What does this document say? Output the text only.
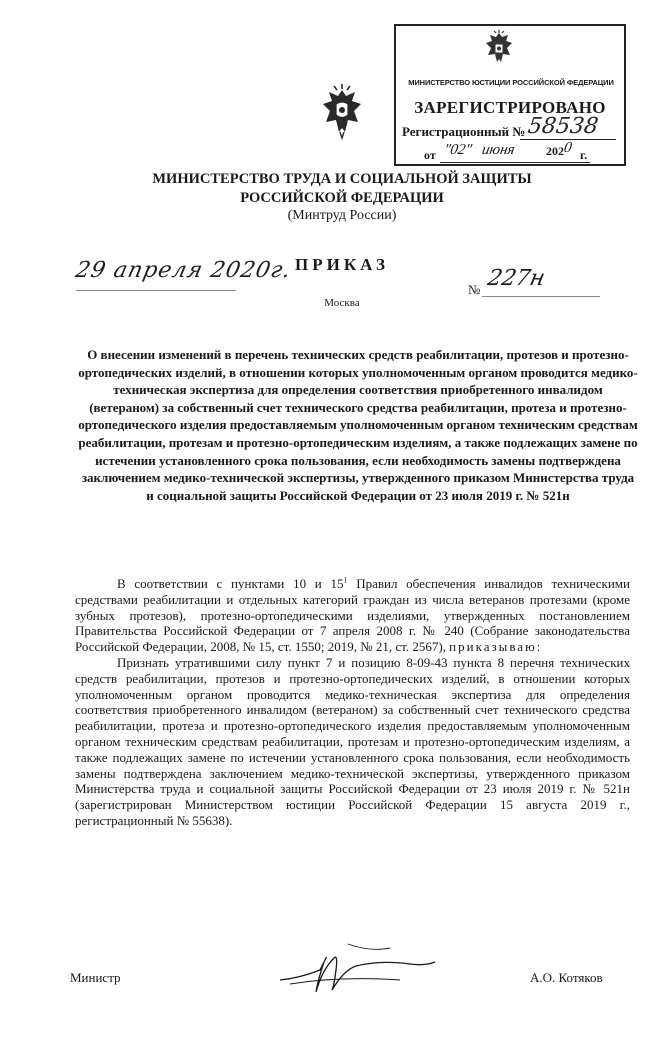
МИНИСТЕРСТВО ЮСТИЦИИ РОССИЙСКОЙ ФЕДЕРАЦИИ
ЗАРЕГИСТРИРОВАНО
Регистрационный № 58538
от "02" июня	202
0 г.
МИНИСТЕРСТВО ТРУДА И СОЦИАЛЬНОЙ ЗАЩИТЫ
РОССИЙСКОЙ ФЕДЕРАЦИИ
(Минтруд России)
ПРИКАЗ
29 апреля 2020г.
Москва
№ 227н
О внесении изменений в перечень технических средств реабилитации, протезов и протезно-ортопедических изделий, в отношении которых уполномоченным органом проводится медико-техническая экспертиза для определения соответствия приобретенного инвалидом (ветераном) за собственный счет технического средства реабилитации, протеза и протезно-ортопедического изделия предоставляемым уполномоченным органом техническим средствам реабилитации, протезам и протезно-ортопедическим изделиям, а также подлежащих замене по истечении установленного срока пользования, если необходимость замены подтверждена заключением медико-технической экспертизы, утвержденного приказом Министерства труда и социальной защиты Российской Федерации от 23 июля 2019 г. № 521н

В соответствии с пунктами 10 и $15^1$ Правил обеспечения инвалидов техническими средствами реабилитации и отдельных категорий граждан из числа ветеранов протезами (кроме зубных протезов), протезно-ортопедическими изделиями, утвержденных постановлением Правительства Российской Федерации от 7 апреля 2008 г. № 240 (Собрание законодательства Российской Федерации, 2008, № 15, ст. 1550; 2019, № 21, ст. 2567), приказываю:

Признать утратившими силу пункт 7 и позицию 8-09-43 пункта 8 перечня технических средств реабилитации, протезов и протезно-ортопедических изделий, в отношении которых уполномоченным органом проводится медико-техническая экспертиза для определения соответствия приобретенного инвалидом (ветераном) за собственный счет технического средства реабилитации, протеза и протезно-ортопедического изделия предоставляемым уполномоченным органом техническим средствам реабилитации, протезам и протезно-ортопедическим изделиям, а также подлежащих замене по истечении установленного срока пользования, если необходимость замены подтверждена заключением медико-технической экспертизы, утвержденного приказом Министерства труда и социальной защиты Российской Федерации от 23 июля 2019 г. № 521н (зарегистрирован Министерством юстиции Российской Федерации 15 августа 2019 г., регистрационный № 55638).

Министр	А.О. Котяков
